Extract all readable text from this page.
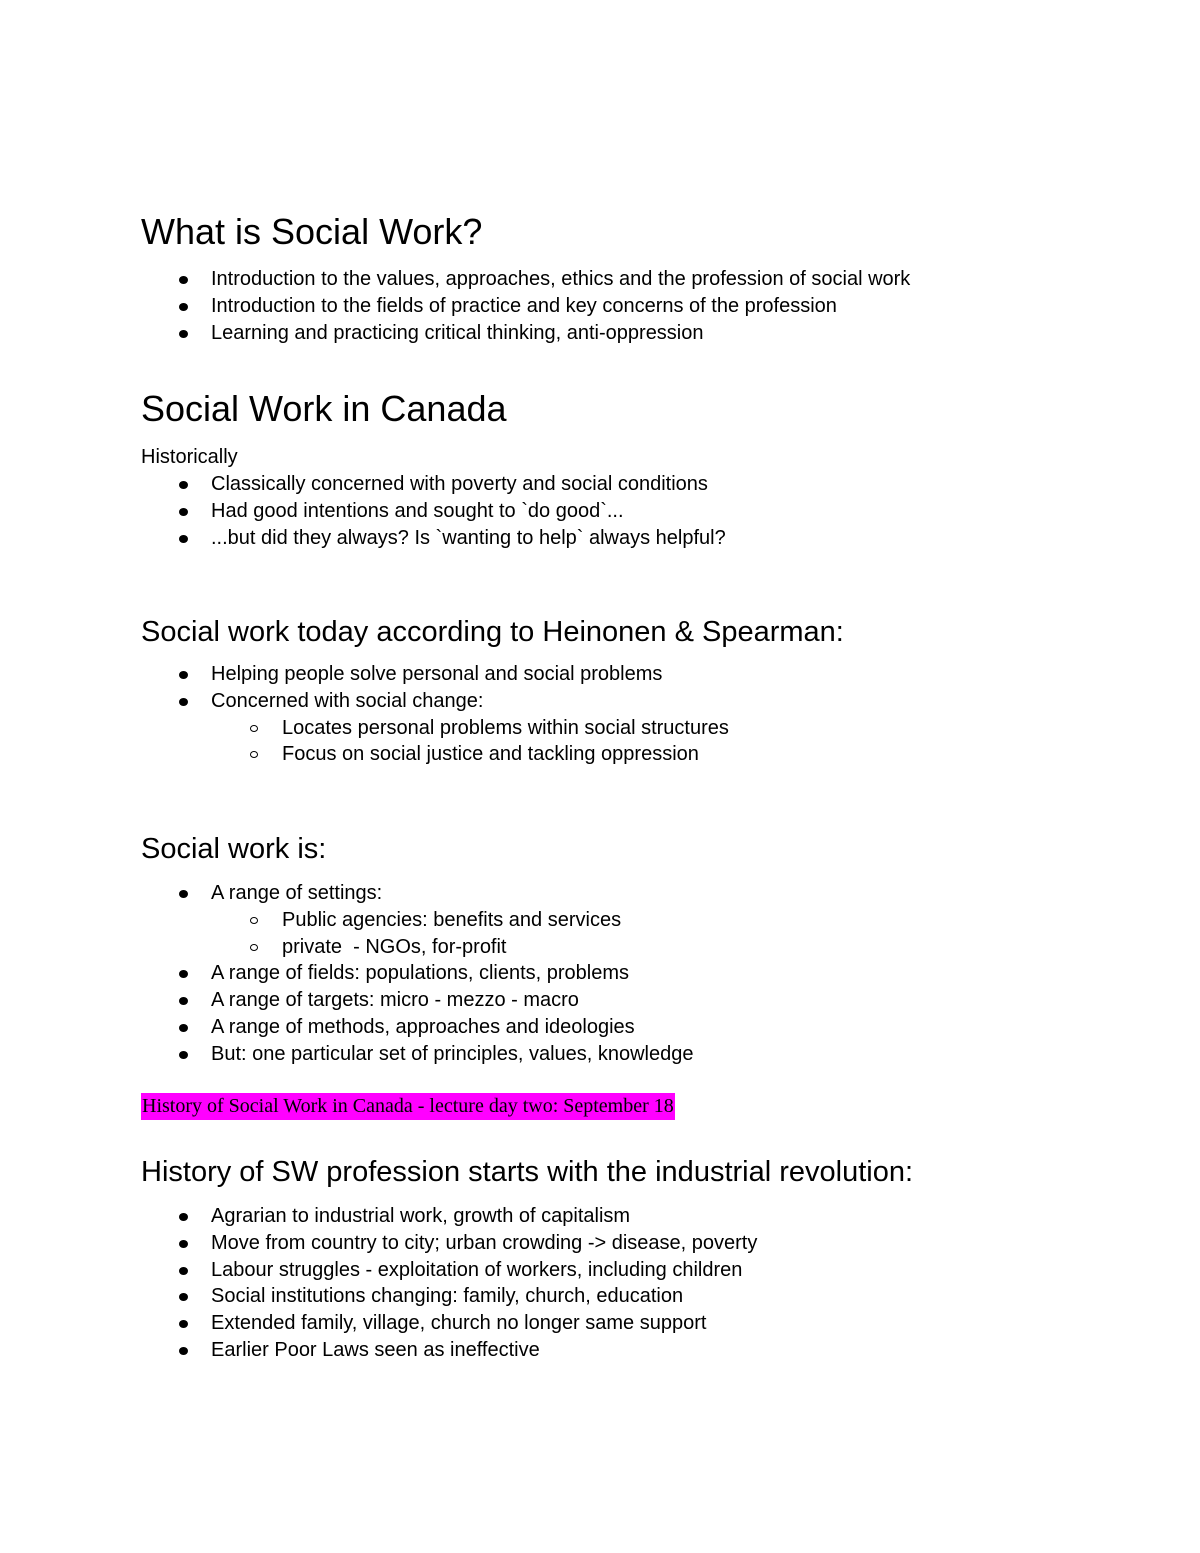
What is Social Work?
Introduction to the values, approaches, ethics and the profession of social work
Introduction to the fields of practice and key concerns of the profession
Learning and practicing critical thinking, anti-oppression
Social Work in Canada

Historically

Classically concerned with poverty and social conditions
Had good intentions and sought to `do good`...
...but did they always? Is `wanting to help` always helpful?
Social work today according to Heinonen & Spearman:
Helping people solve personal and social problems
Concerned with social change:
Locates personal problems within social structures
Focus on social justice and tackling oppression
Social work is:
A range of settings:
Public agencies: benefits and services
private  - NGOs, for-profit
A range of fields: populations, clients, problems
A range of targets: micro - mezzo - macro
A range of methods, approaches and ideologies
But: one particular set of principles, values, knowledge
History of Social Work in Canada - lecture day two: September 18
History of SW profession starts with the industrial revolution:
Agrarian to industrial work, growth of capitalism
Move from country to city; urban crowding -> disease, poverty
Labour struggles - exploitation of workers, including children
Social institutions changing: family, church, education
Extended family, village, church no longer same support
Earlier Poor Laws seen as ineffective
